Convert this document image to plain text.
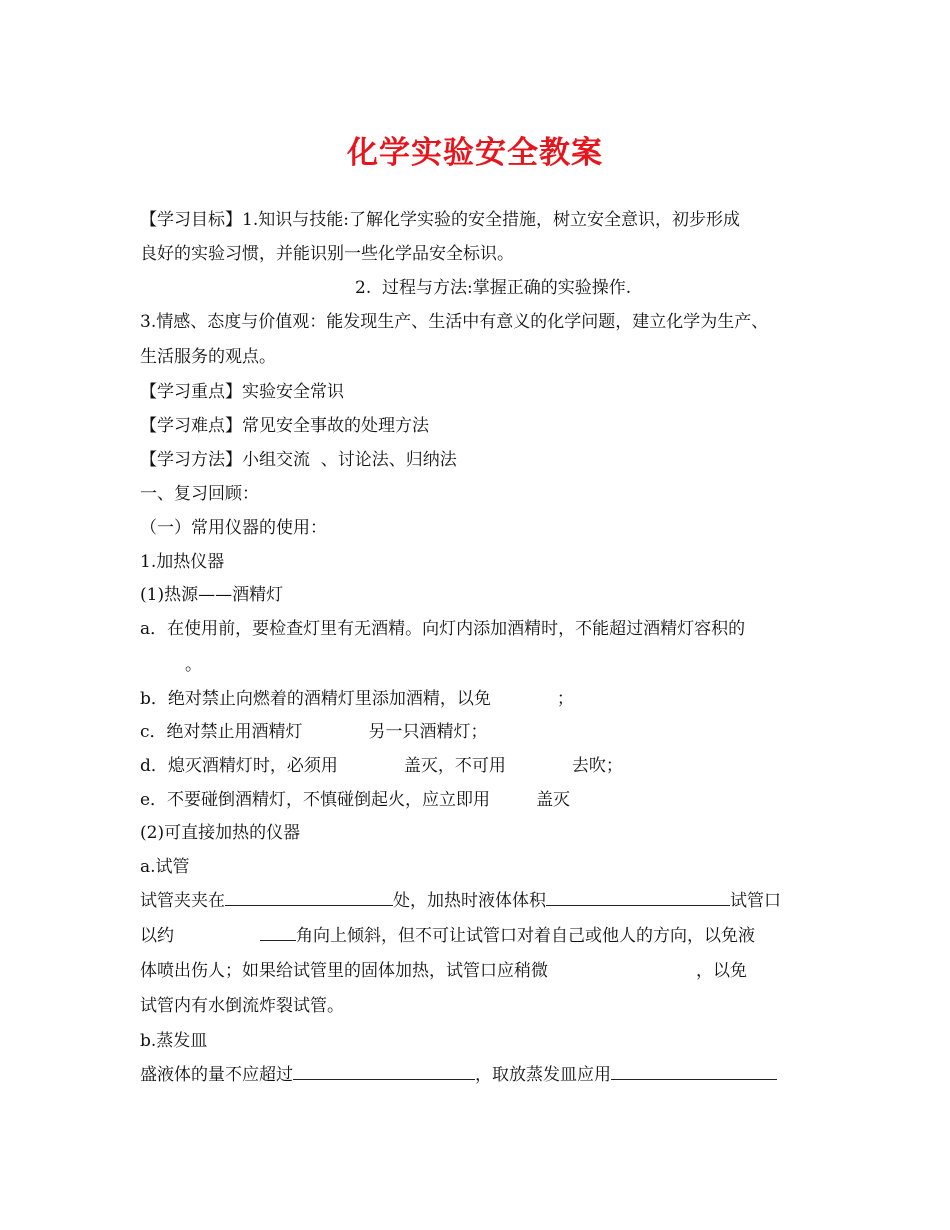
化学实验安全教案
【学习目标】1.知识与技能:了解化学实验的安全措施，树立安全意识，初步形成
良好的实验习惯，并能识别一些化学品安全标识。
2.  过程与方法:掌握正确的实验操作.
3.情感、态度与价值观：能发现生产、生活中有意义的化学问题，建立化学为生产、
生活服务的观点。
【学习重点】实验安全常识
【学习难点】常见安全事故的处理方法
【学习方法】小组交流  、讨论法、归纳法
一、复习回顾：
（一）常用仪器的使用：
1.加热仪器
(1)热源——酒精灯
a．在使用前，要检查灯里有无酒精。向灯内添加酒精时，不能超过酒精灯容积的
。
b．绝对禁止向燃着的酒精灯里添加酒精，以免	；
c．绝对禁止用酒精灯	另一只酒精灯；
d．熄灭酒精灯时，必须用	盖灭，不可用	去吹；
e．不要碰倒酒精灯，不慎碰倒起火，应立即用	盖灭
(2)可直接加热的仪器
a.试管
试管夹夹在	处，加热时液体体积	试管口
以约	角向上倾斜，但不可让试管口对着自己或他人的方向，以免液
体喷出伤人；如果给试管里的固体加热，试管口应稍微	，以免
试管内有水倒流炸裂试管。
b.蒸发皿
盛液体的量不应超过	，取放蒸发皿应用
